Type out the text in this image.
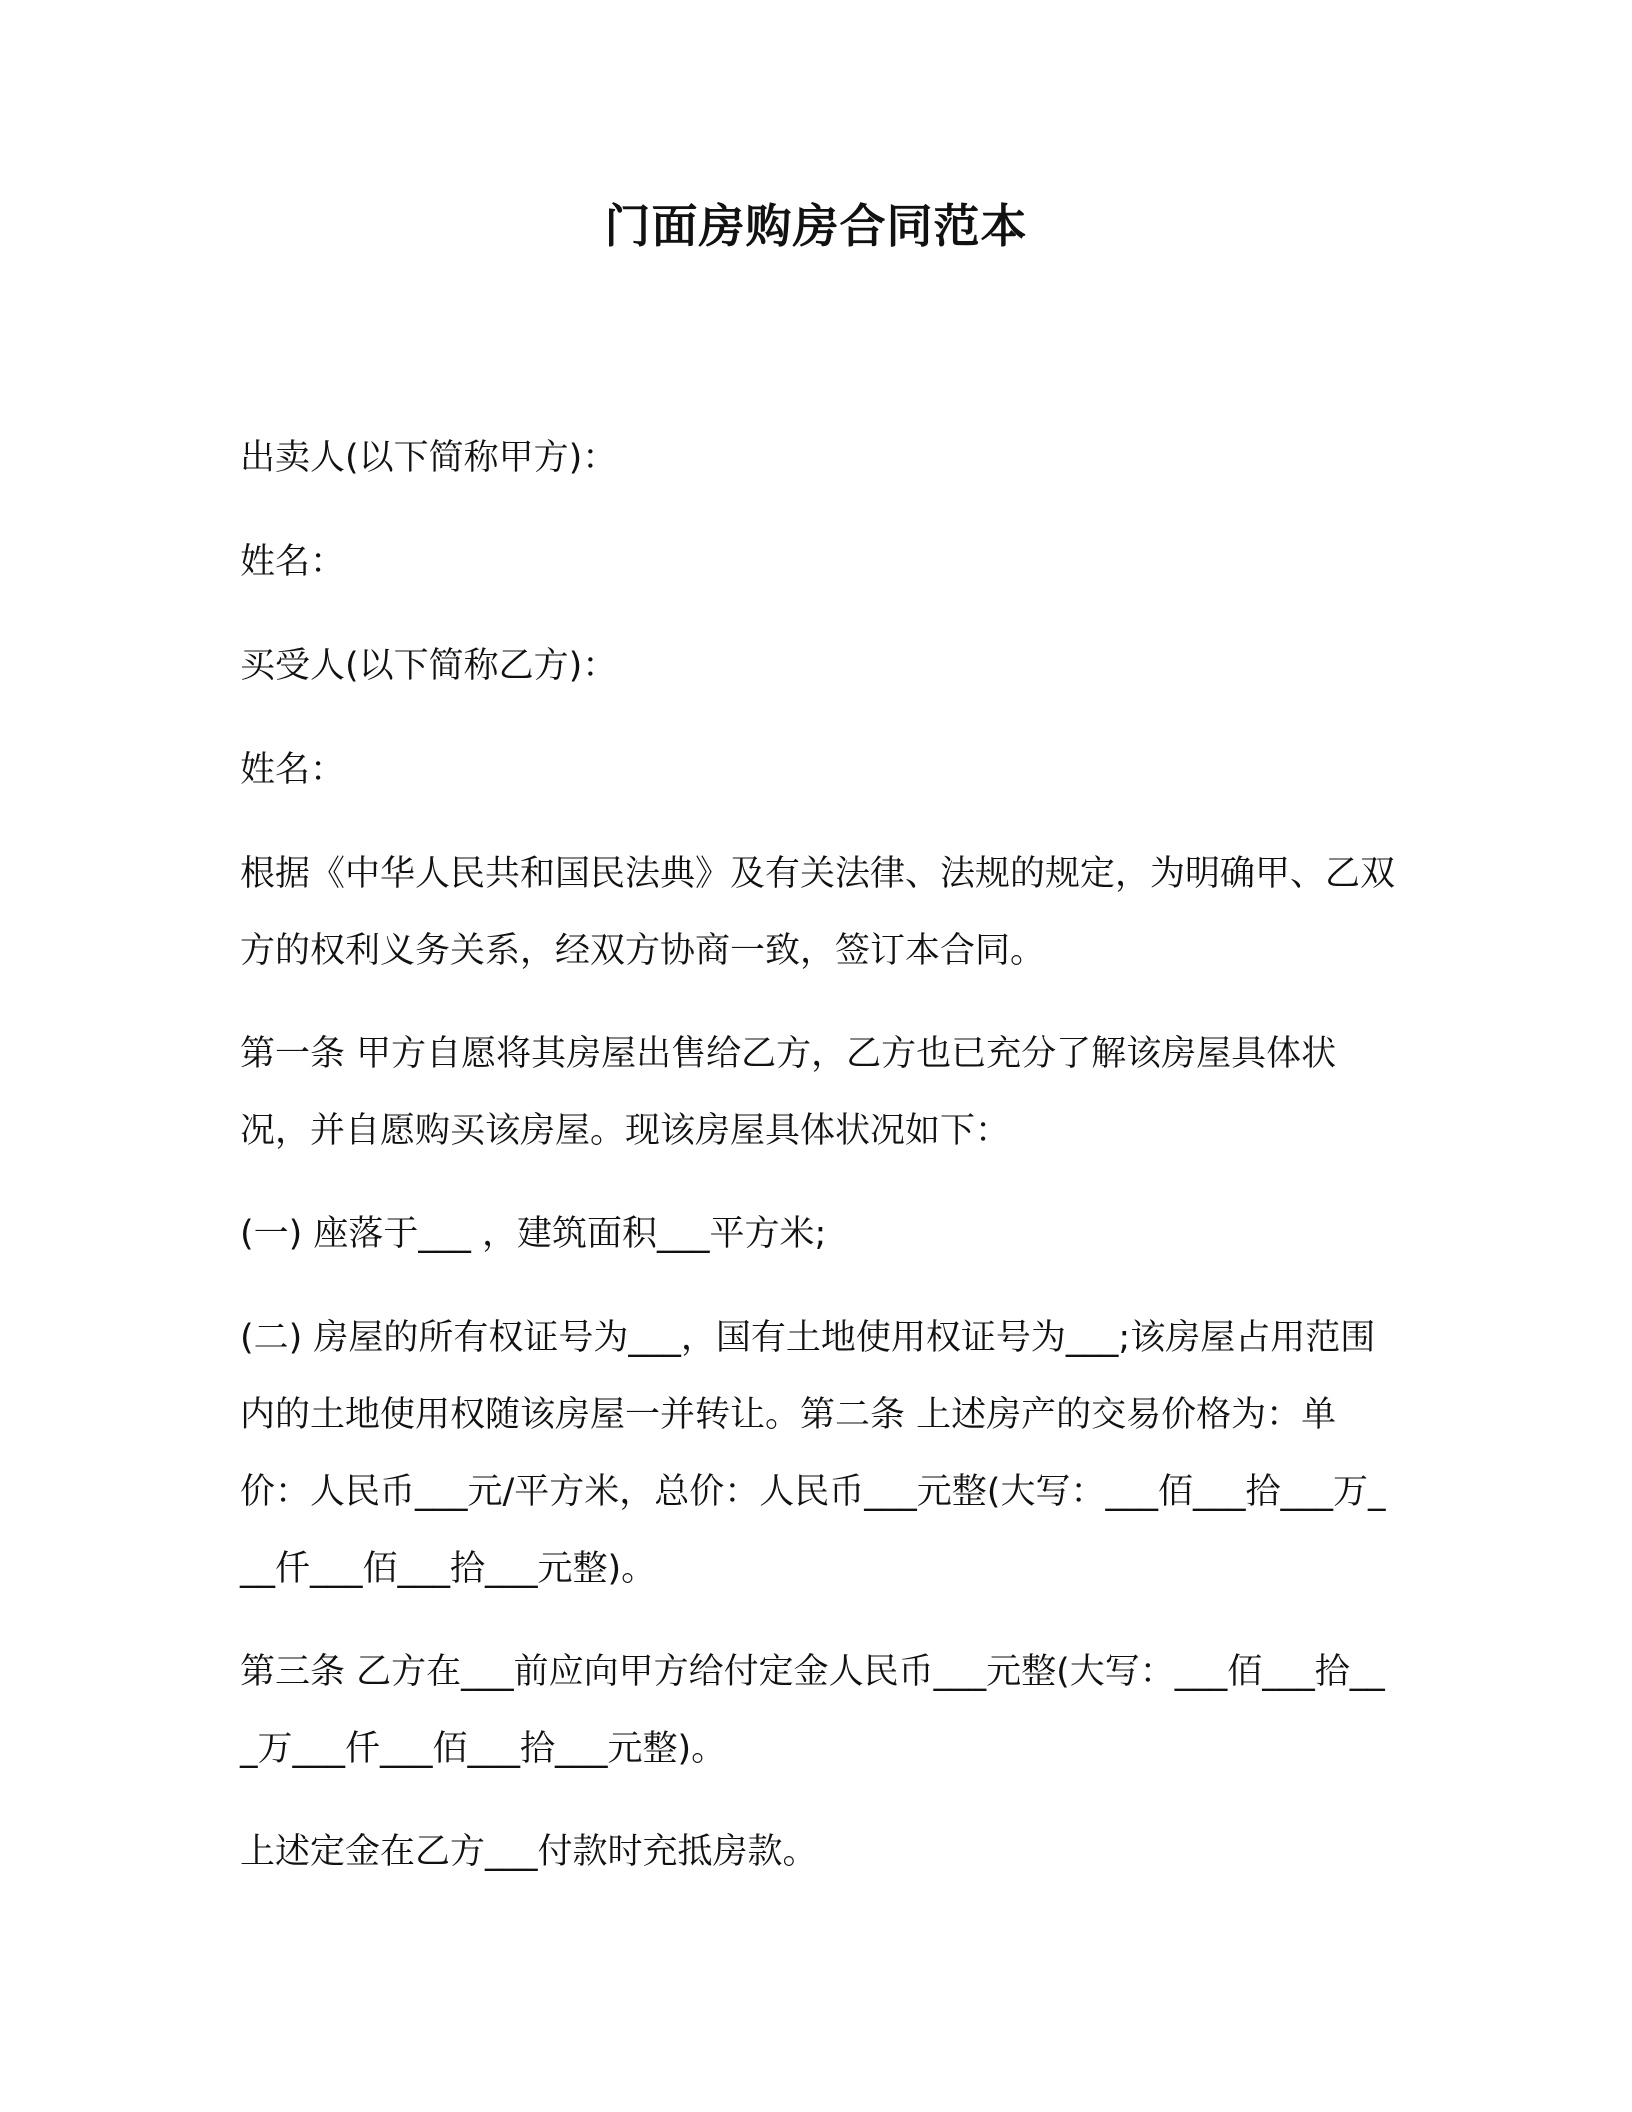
门面房购房合同范本

出卖人(以下简称甲方)：

姓名：

买受人(以下简称乙方)：

姓名：

根据《中华人民共和国民法典》及有关法律、法规的规定，为明确甲、乙双方的权利义务关系，经双方协商一致，签订本合同。

第一条 甲方自愿将其房屋出售给乙方，乙方也已充分了解该房屋具体状况，并自愿购买该房屋。现该房屋具体状况如下：

(一) 座落于___ ，建筑面积___平方米;

(二) 房屋的所有权证号为___，国有土地使用权证号为___;该房屋占用范围内的土地使用权随该房屋一并转让。第二条 上述房产的交易价格为：单价：人民币___元/平方米，总价：人民币___元整(大写：___佰___拾___万___仟___佰___拾___元整)。

第三条 乙方在___前应向甲方给付定金人民币___元整(大写：___佰___拾___万___仟___佰___拾___元整)。

上述定金在乙方___付款时充抵房款。
